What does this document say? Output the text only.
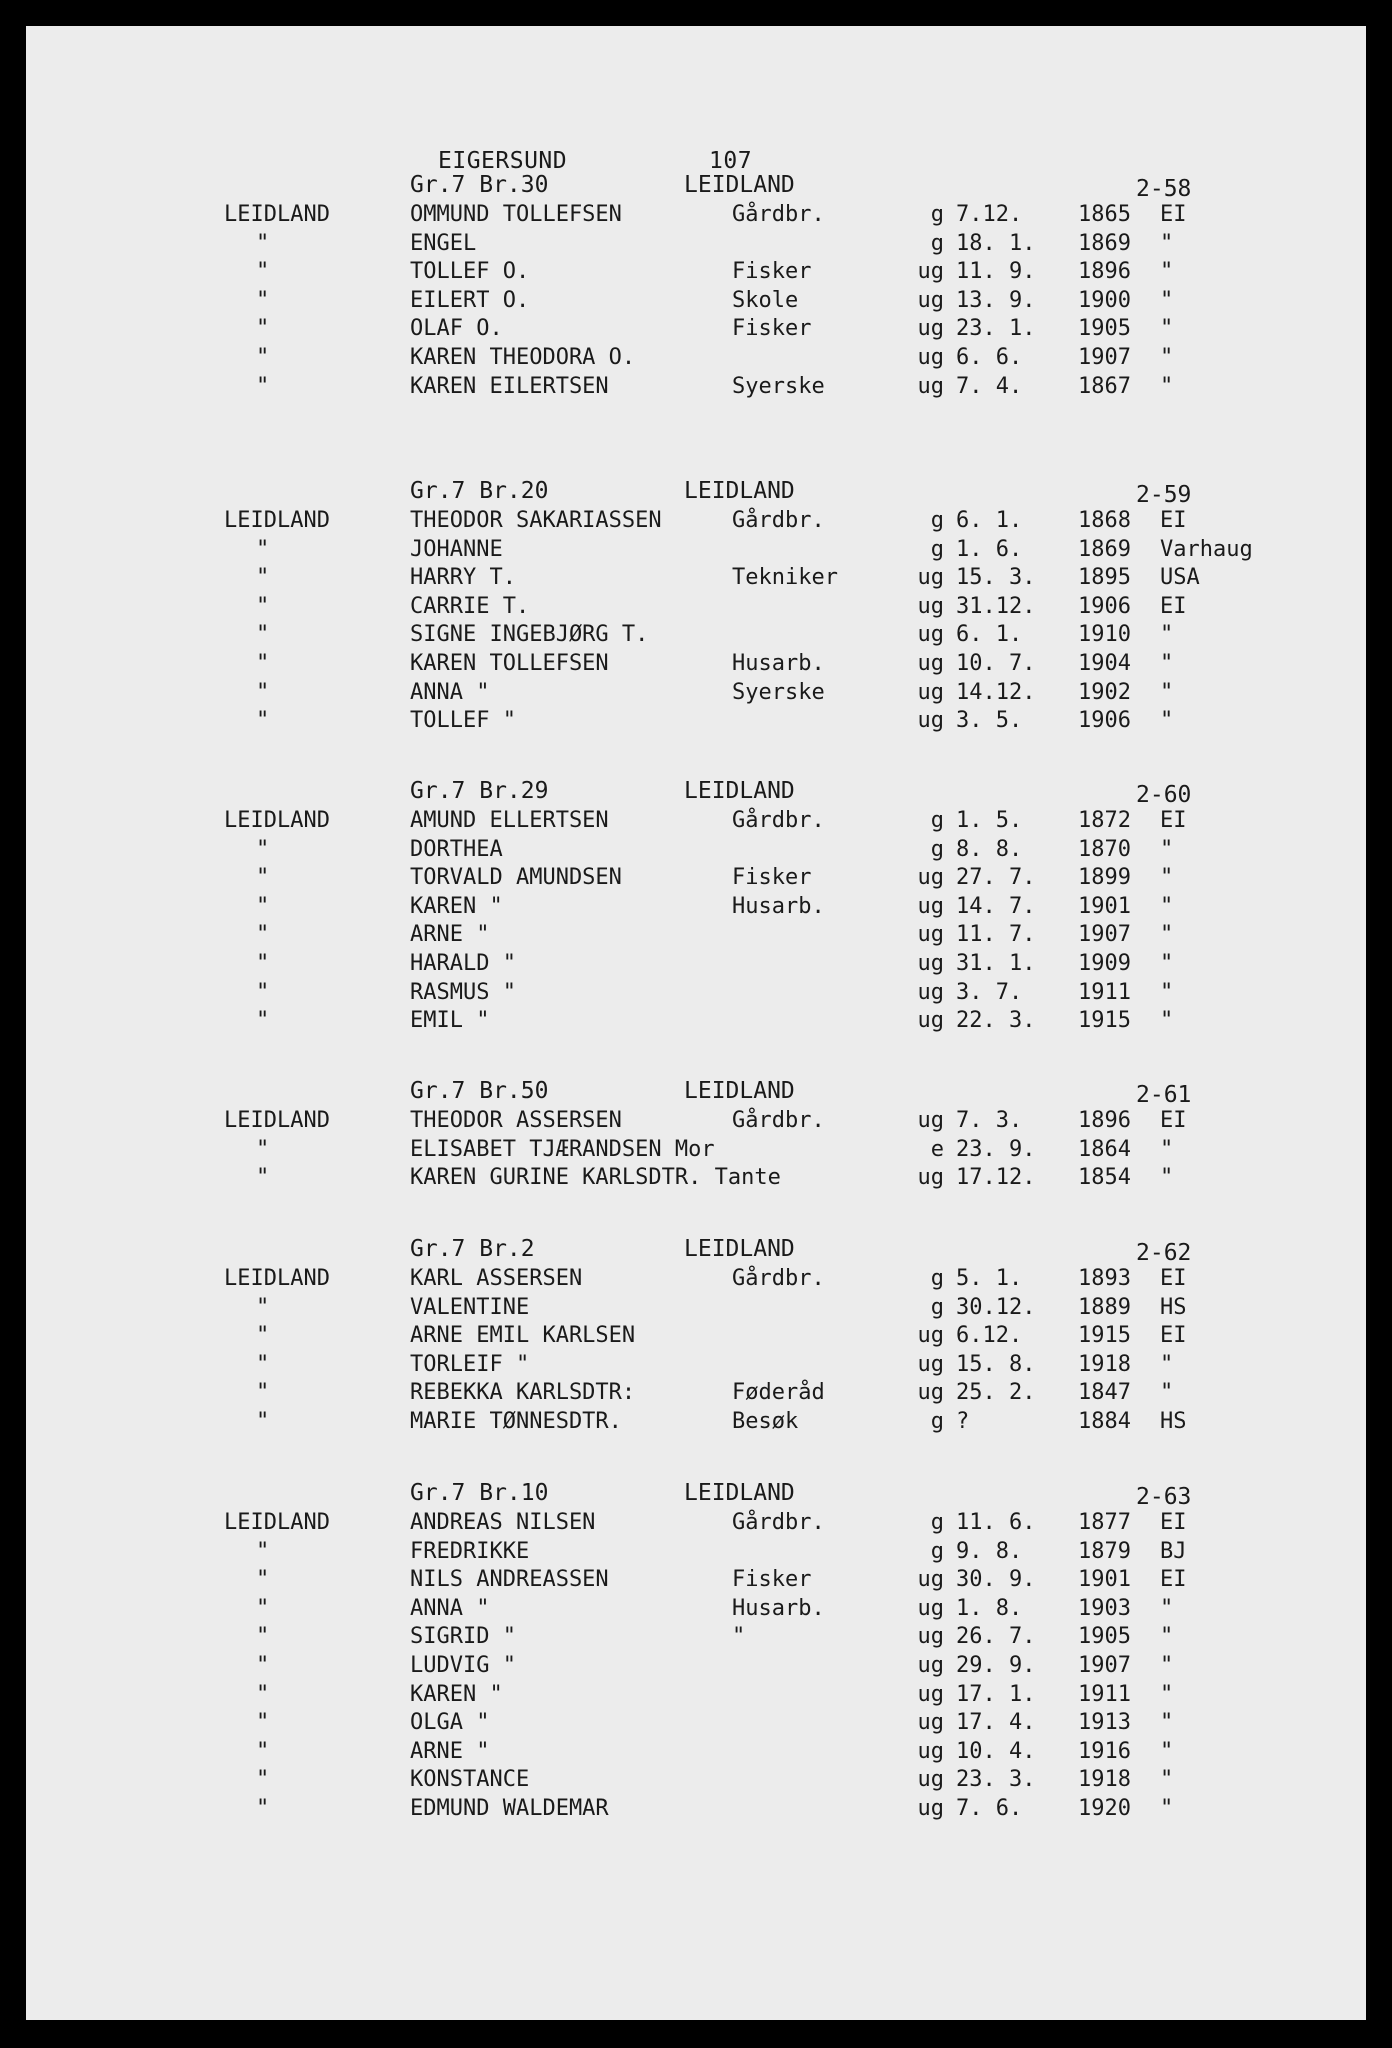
EIGERSUND	107
Gr.7 Br.30	LEIDLAND	2-58
LEIDLAND	OMMUND TOLLEFSEN	Gårdbr.	g 7.12.	1865 EI
"	ENGEL	g 18. 1. 1869 "
"	TOLLEF O.	Fisker	ug 11. 9. 1896 "
"	EILERT O.	Skole	ug 13. 9. 1900 "
"	OLAF O.	Fisker	ug 23. 1. 1905 "
"	KAREN THEODORA O.	ug 6. 6.	1907 "
"	KAREN EILERTSEN	Syerske	ug 7. 4.	1867 "
Gr.7 Br.20	LEIDLAND	2-59
LEIDLAND	THEODOR SAKARIASSEN	Gårdbr.	g 6. 1.	1868 EI
"	JOHANNE	g 1. 6.	1869 Varhaug
"	HARRY T.	Tekniker	ug 15. 3. 1895 USA
"	CARRIE T.	ug 31.12. 1906 EI
"	SIGNE INGEBJØRG T.	ug 6. 1.	1910 "
"	KAREN TOLLEFSEN	Husarb.	ug 10. 7. 1904 "
"	ANNA "	Syerske	ug 14.12. 1902 "
"	TOLLEF "	ug 3. 5.	1906 "
Gr.7 Br.29	LEIDLAND	2-60
LEIDLAND	AMUND ELLERTSEN	Gårdbr.	g 1. 5.	1872 EI
"	DORTHEA	g 8. 8.	1870 "
"	TORVALD AMUNDSEN	Fisker	ug 27. 7. 1899 "
"	KAREN "	Husarb.	ug 14. 7. 1901 "
"	ARNE "	ug 11. 7. 1907 "
"	HARALD "	ug 31. 1. 1909 "
"	RASMUS "	ug 3. 7.	1911 "
"	EMIL "	ug 22. 3. 1915 "
Gr.7 Br.50	LEIDLAND	2-61
LEIDLAND	THEODOR ASSERSEN	Gårdbr.	ug 7. 3.	1896 EI
"	ELISABET TJÆRANDSEN Mor	e 23. 9. 1864 "
"	KAREN GURINE KARLSDTR. Tante	ug 17.12. 1854 "
Gr.7 Br.2	LEIDLAND	2-62
LEIDLAND	KARL ASSERSEN	Gårdbr.	g 5. 1.	1893 EI
"	VALENTINE	g 30.12. 1889 HS
"	ARNE EMIL KARLSEN	ug 6.12.	1915 EI
"	TORLEIF "	ug 15. 8. 1918 "
"	REBEKKA KARLSDTR:	Føderåd	ug 25. 2. 1847 "
"	MARIE TØNNESDTR.	Besøk	g ?	1884 HS
Gr.7 Br.10	LEIDLAND	2-63
LEIDLAND	ANDREAS NILSEN	Gårdbr.	g 11. 6. 1877 EI
"	FREDRIKKE	g 9. 8.	1879 BJ
"	NILS ANDREASSEN	Fisker	ug 30. 9. 1901 EI
"	ANNA "	Husarb.	ug 1. 8.	1903 "
"	SIGRID "	"	ug 26. 7. 1905 "
"	LUDVIG "	ug 29. 9. 1907 "
"	KAREN "	ug 17. 1. 1911 "
"	OLGA "	ug 17. 4. 1913 "
"	ARNE "	ug 10. 4. 1916 "
"	KONSTANCE	ug 23. 3. 1918 "
"	EDMUND WALDEMAR	ug 7. 6.	1920 "
